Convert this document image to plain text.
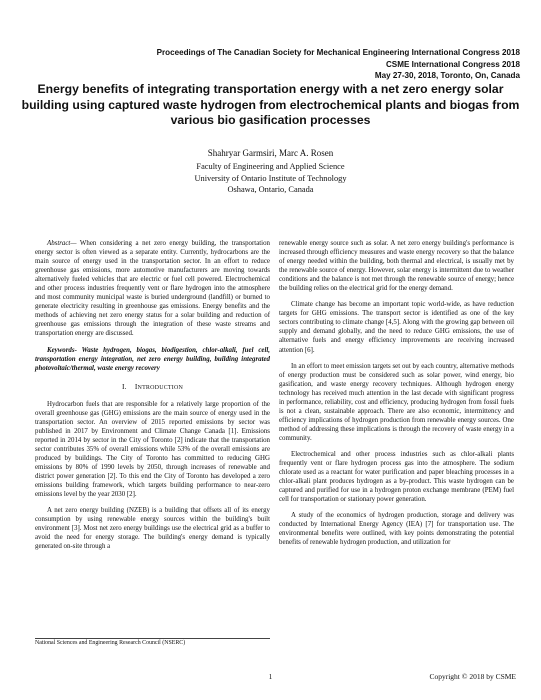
Proceedings of The Canadian Society for Mechanical Engineering International Congress 2018
CSME International Congress 2018
May 27-30, 2018, Toronto, On, Canada
Energy benefits of integrating transportation energy with a net zero energy solar building using captured waste hydrogen from electrochemical plants and biogas from various bio gasification processes
Shahryar Garmsiri, Marc A. Rosen
Faculty of Engineering and Applied Science
University of Ontario Institute of Technology
Oshawa, Ontario, Canada

Abstract— When considering a net zero energy building, the transportation energy sector is often viewed as a separate entity. Currently, hydrocarbons are the main source of energy used in the transportation sector. In an effort to reduce greenhouse gas emissions, more automotive manufacturers are moving towards alternatively fueled vehicles that are electric or fuel cell powered. Electrochemical and other process industries frequently vent or flare hydrogen into the atmosphere and most community municipal waste is buried underground (landfill) or burned to generate electricity resulting in greenhouse gas emissions. Energy benefits and the methods of achieving net zero energy status for a solar building and reduction of greenhouse gas emissions through the integration of these waste streams and transportation energy are discussed.

Keywords- Waste hydrogen, biogas, biodigestion, chlor-alkali, fuel cell, transportation energy integration, net zero energy building, building integrated photovoltaic/thermal, waste energy recovery

I. INTRODUCTION

Hydrocarbon fuels that are responsible for a relatively large proportion of the overall greenhouse gas (GHG) emissions are the main source of energy used in the transportation sector. An overview of 2015 reported emissions by sector was published in 2017 by Environment and Climate Change Canada [1]. Emissions reported in 2014 by sector in the City of Toronto [2] indicate that the transportation sector contributes 35% of overall emissions while 53% of the overall emissions are produced by buildings. The City of Toronto has committed to reducing GHG emissions by 80% of 1990 levels by 2050, through increases of renewable and district power generation [2]. To this end the City of Toronto has developed a zero emissions building framework, which targets building performance to near-zero emissions level by the year 2030 [2].

A net zero energy building (NZEB) is a building that offsets all of its energy consumption by using renewable energy sources within the building's built environment [3]. Most net zero energy buildings use the electrical grid as a buffer to avoid the need for energy storage. The building's energy demand is typically generated on-site through a

renewable energy source such as solar. A net zero energy building's performance is increased through efficiency measures and waste energy recovery so that the balance of energy needed within the building, both thermal and electrical, is usually met by the renewable source of energy. However, solar energy is intermittent due to weather conditions and the balance is not met through the renewable source of energy; hence the building relies on the electrical grid for the energy demand.

Climate change has become an important topic world-wide, as have reduction targets for GHG emissions. The transport sector is identified as one of the key sectors contributing to climate change [4,5]. Along with the growing gap between oil supply and demand globally, and the need to reduce GHG emissions, the use of alternative fuels and energy efficiency improvements are receiving increased attention [6].

In an effort to meet emission targets set out by each country, alternative methods of energy production must be considered such as solar power, wind energy, bio gasification, and waste energy recovery techniques. Although hydrogen energy technology has received much attention in the last decade with significant progress in performance, reliability, cost and efficiency, producing hydrogen from fossil fuels is not a clean, sustainable approach. There are also economic, intermittency and efficiency implications of hydrogen production from renewable energy sources. One method of addressing these implications is through the recovery of waste energy in a community.

Electrochemical and other process industries such as chlor-alkali plants frequently vent or flare hydrogen process gas into the atmosphere. The sodium chlorate used as a reactant for water purification and paper bleaching processes in a chlor-alkali plant produces hydrogen as a by-product. This waste hydrogen can be captured and purified for use in a hydrogen proton exchange membrane (PEM) fuel cell for transportation or stationary power generation.

A study of the economics of hydrogen production, storage and delivery was conducted by International Energy Agency (IEA) [7] for transportation use. The environmental benefits were outlined, with key points demonstrating the potential benefits of renewable hydrogen production, and utilization for

National Sciences and Engineering Research Council (NSERC)
1	Copyright © 2018 by CSME
